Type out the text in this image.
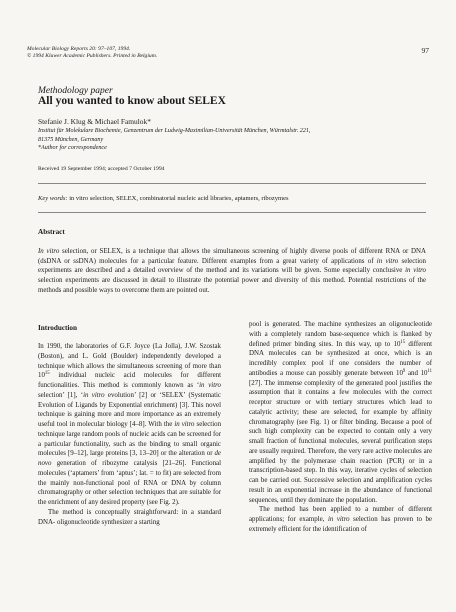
Molecular Biology Reports 20: 97–107, 1994.
© 1994 Kluwer Academic Publishers. Printed in Belgium.
97
Methodology paper
All you wanted to know about SELEX
Stefanie J. Klug & Michael Famulok*
Institut für Molekulare Biochemie, Genzentrum der Ludwig-Maximilian-Universität München, Würmtalstr. 221,
81375 München, Germany
*Author for correspondence
Received 19 September 1994; accepted 7 October 1994
Key words: in vitro selection, SELEX, combinatorial nucleic acid libraries, aptamers, ribozymes
Abstract
In vitro selection, or SELEX, is a technique that allows the simultaneous screening of highly diverse pools of different RNA or DNA (dsDNA or ssDNA) molecules for a particular feature. Different examples from a great variety of applications of in vitro selection experiments are described and a detailed overview of the method and its variations will be given. Some especially conclusive in vitro selection experiments are discussed in detail to illustrate the potential power and diversity of this method. Potential restrictions of the methods and possible ways to overcome them are pointed out.
Introduction

In 1990, the laboratories of G.F. Joyce (La Jolla), J.W. Szostak (Boston), and L. Gold (Boulder) independently developed a technique which allows the simultaneous screening of more than $10^{15}$ individual nucleic acid molecules for different functionalities. This method is commonly known as ‘in vitro selection’ [1], ‘in vitro evolution’ [2] or ‘SELEX’ (Systematic Evolution of Ligands by Exponential enrichment) [3]. This novel technique is gaining more and more importance as an extremely useful tool in molecular biology [4–8]. With the in vitro selection technique large random pools of nucleic acids can be screened for a particular functionality, such as the binding to small organic molecules [9–12], large proteins [3, 13–20] or the alteration or de novo generation of ribozyme catalysis [21–26]. Functional molecules (‘aptamers’ from ‘aptus’; lat. = to fit) are selected from the mainly non-functional pool of RNA or DNA by column chromatography or other selection techniques that are suitable for the enrichment of any desired property (see Fig. 2).

The method is conceptually straightforward: in a standard DNA- oligonucleotide synthesizer a starting

pool is generated. The machine synthesizes an oligonucleotide with a completely random base-sequence which is flanked by defined primer binding sites. In this way, up to $10^{15}$ different DNA molecules can be synthesized at once, which is an incredibly complex pool if one considers the number of antibodies a mouse can possibly generate between $10^9$ and $10^{11}$ [27]. The immense complexity of the generated pool justifies the assumption that it contains a few molecules with the correct receptor structure or with tertiary structures which lead to catalytic activity; these are selected, for example by affinity chromatography (see Fig. 1) or filter binding. Because a pool of such high complexity can be expected to contain only a very small fraction of functional molecules, several purification steps are usually required. Therefore, the very rare active molecules are amplified by the polymerase chain reaction (PCR) or in a transcription-based step. In this way, iterative cycles of selection can be carried out. Successive selection and amplification cycles result in an exponential increase in the abundance of functional sequences, until they dominate the population.

The method has been applied to a number of different applications; for example, in vitro selection has proven to be extremely efficient for the identification of
